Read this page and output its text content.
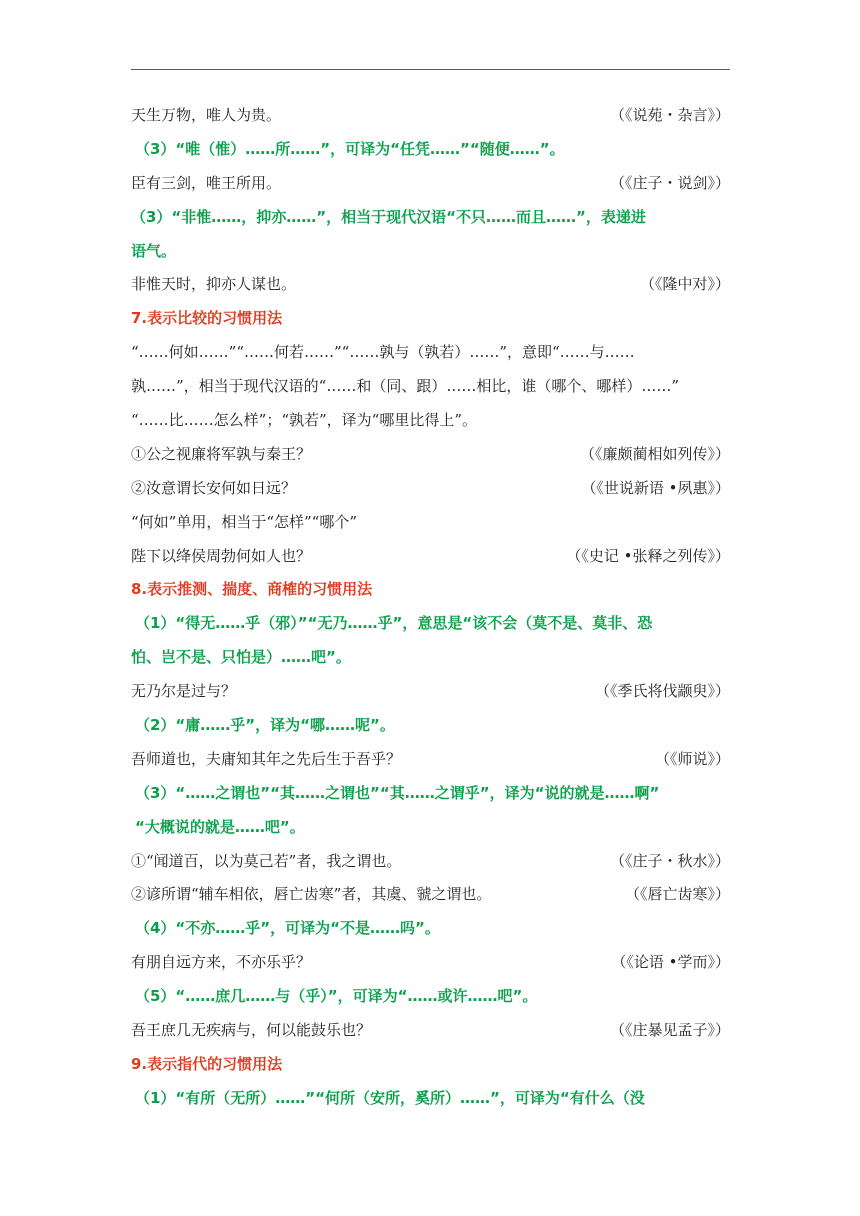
天生万物，唯人为贵。	（《说苑・杂言》）
（3）“唯（惟）……所……”，可译为“任凭……”“随便……”。
臣有三剑，唯王所用。	（《庄子・说剑》）
（3）“非惟……，抑亦……”，相当于现代汉语“不只……而且……”，表递进
语气。
非惟天时，抑亦人谋也。	（《隆中对》）
7.表示比较的习惯用法
“……何如……”“……何若……”“……孰与（孰若）……”，意即“……与……
孰……”，相当于现代汉语的“……和（同、跟）……相比，谁（哪个、哪样）……”
“……比……怎么样”；“孰若”，译为“哪里比得上”。
①公之视廉将军孰与秦王？	（《廉颇蔺相如列传》）
②汝意谓长安何如日远？	（《世说新语 •夙惠》）
“何如”单用，相当于“怎样”“哪个”
陛下以绛侯周勃何如人也？	（《史记 •张释之列传》）
8.表示推测、揣度、商榷的习惯用法
（1）“得无……乎（邪）”“无乃……乎”，意思是“该不会（莫不是、莫非、恐
怕、岂不是、只怕是）……吧”。
无乃尔是过与？	（《季氏将伐颛臾》）
（2）“庸……乎”，译为“哪……呢”。
吾师道也，夫庸知其年之先后生于吾乎？	（《师说》）
（3）“……之谓也”“其……之谓也”“其……之谓乎”，译为“说的就是……啊”
“大概说的就是……吧”。
①“闻道百，以为莫己若”者，我之谓也。	（《庄子・秋水》）
②谚所谓“辅车相依，唇亡齿寒”者，其虞、虢之谓也。	（《唇亡齿寒》）
（4）“不亦……乎”，可译为“不是……吗”。
有朋自远方来，不亦乐乎？	（《论语 •学而》）
（5）“……庶几……与（乎）”，可译为“……或许……吧”。
吾王庶几无疾病与，何以能鼓乐也？	（《庄暴见孟子》）
9.表示指代的习惯用法
（1）“有所（无所）……”“何所（安所，奚所）……”，可译为“有什么（没
